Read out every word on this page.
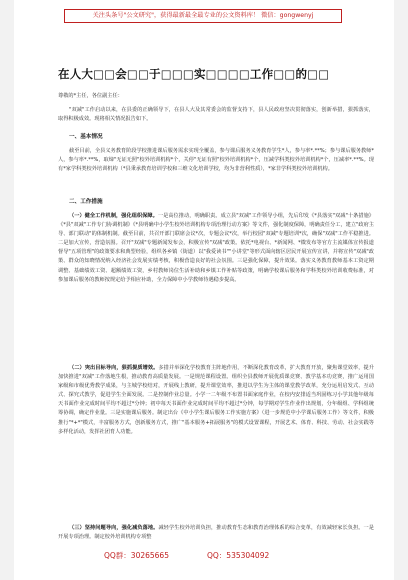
关注头条号"公文研究"，获得最新最全最专业的公文资料库！ 微信：gongwenyj
在人大□□会□□于□□□实□□□□工作□□的□□

尊敬的*主任，各位副主任：

"双减"工作启动以来，在县委的正确领导下，在县人大及其常委会的监督支持下，县人民政府坚决贯彻落实，创新举措，狠抓落实，取得积极成效。现将相关情况报告如下。

一、基本情况

截至目前，全县义务教育阶段学校推进课后服务需求实现全覆盖，参与课后服务义务教育学生*人，参与率*.**%；参与课后服务教师*人，参与率*.**%，取缔"无证无照"校外培训机构*个，关停"无证有照"校外培训机构*个，压减学科类校外培训机构*个，压减率*.**%。现有*家学科类校外培训机构（*县秉承教育培训学校和三维文化培训学校，均为非营利性质），*家非学科类校外培训机构。

二、工作措施

（一）健全工作机制，强化组织保障。一是高位推动，明确职责。成立县"双减"工作领导小组，先后印发《*县落实"双减"十条措施》《*县"双减"工作专门协调机制》《*县明确中小学生校外培训机构专项治理行动方案》等文件，强化制度保障，明确责任分工，建立"政府主导、部门联动"的体制机制。截至目前，共召开部门联席会议*次，专题会议*次，举行校园"双减"专题培训*次，确保"双减"工作平稳推进。二是加大宣传，营造氛围。召开"双减"专题新闻发布会，积极宣传"双减"政策。依托*电视台、*新闻网、*微发布等官方主流媒体宣传报道督导"五项管理"的政策要求和典型经验，组织各乡镇（街道）以"我爱读书""小讲堂"等形式面向辖区居民开展宣传宣讲，并将宣传"双减"政策、群众的知晓情况纳入经济社会发展实绩考核，积极营造良好的社会氛围。三是强化保障，提升效果。落实义务教育教师基本工资定期调整、基础绩效工资、超额绩效工资，乡村教师岗位生活补助和乡镇工作补贴等政策，明确学校课后服务和学科类校外培训收费标准，对参加课后服务的教师按规定给予相应补助，全力保障中小学教师待遇稳步提高。

（二）突出目标导向，狠抓提质增效。多措并举深化学校教育主阵地作用，不断深化教育改革，扩大教育开放，聚焦课堂效率，提升加快推进"双减"工作落地生根，推动教育高质量发展。一是规范课程设置。组织全县教师开展优质课竞赛、教学基本功竞赛，推广运用国家级和市级优秀教学成果，与主城学校结对，开展线上教研，提升课堂效率，推进以学生为主体的课堂教学改革，充分运用启发式、互动式、探究式教学，促进学生全面发展。二是控制作业总量。小学一二年级不布置书面家庭作业，在校内安排适当巩固练习小学其他年级每天书面作业完成时间平均不超过*分钟；初中每天书面作业完成时间平均不超过*分钟，每学期对学生作业作出规划，分年级组、学科组统筹协调，确定作业量。三是实施课后服务。制定出台《中小学生课后服务工作实施方案》（进一步规范中小学课后服务工作）等文件，积极推行"*+*"模式，丰富服务方式，创新服务方式，推广"基本服务+拓展服务"的模式设置课程，开展艺术、体育、科技、劳动、社会实践等多样化活动，发挥社团育人功能。

（三）坚持问题导向，强化减负落地。减轻学生校外培训负担，推动教育生态和教育治理体系的综合变革，有效减轻家长负担。一是开展专项治理。制定校外培训机构专项整

QQ群：30265665	QQ：535304092
